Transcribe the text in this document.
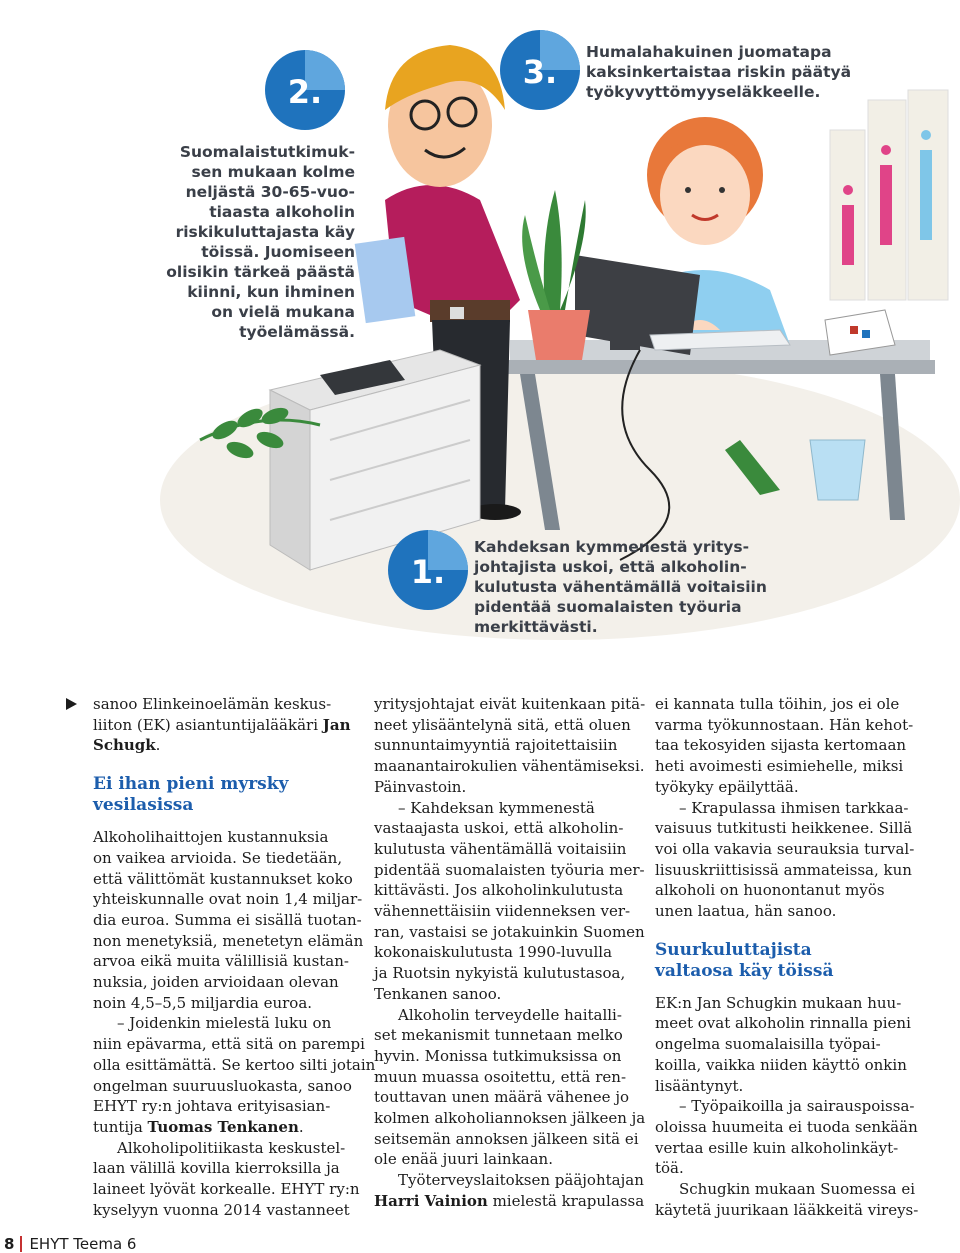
2.
3.
1.

Suomalaistutkimuk-
sen mukaan kolme
neljästä 30-65-vuo-
tiaasta alkoholin
riskikuluttajasta käy
töissä. Juomiseen
olisikin tärkeä päästä
kiinni, kun ihminen
on vielä mukana
työelämässä.

Humalahakuinen juomatapa
kaksinkertaistaa riskin päätyä
työkyvyttömyyseläkkeelle.

Kahdeksan kymmenestä yritys-
johtajista uskoi, että alkoholin-
kulutusta vähentämällä voitaisiin
pidentää suomalaisten työuria
merkittävästi.

sanoo Elinkeinoelämän keskus-
liiton (EK) asiantuntijalääkäri Jan
Schugk.

Ei ihan pieni myrsky
vesilasissa

Alkoholihaittojen kustannuksia
on vaikea arvioida. Se tiedetään,
että välittömät kustannukset koko
yhteiskunnalle ovat noin 1,4 miljar-
dia euroa. Summa ei sisällä tuotan-
non menetyksiä, menetetyn elämän
arvoa eikä muita välillisiä kustan-
nuksia, joiden arvioidaan olevan
noin 4,5–5,5 miljardia euroa.

– Joidenkin mielestä luku on
niin epävarma, että sitä on parempi
olla esittämättä. Se kertoo silti jotain
ongelman suuruusluokasta, sanoo
EHYT ry:n johtava erityisasian-
tuntija Tuomas Tenkanen.

Alkoholipolitiikasta keskustel-
laan välillä kovilla kierroksilla ja
laineet lyövät korkealle. EHYT ry:n
kyselyyn vuonna 2014 vastanneet

yritysjohtajat eivät kuitenkaan pitä-
neet ylisääntelynä sitä, että oluen
sunnuntaimyyntiä rajoitettaisiin
maanantairokulien vähentämiseksi.
Päinvastoin.

– Kahdeksan kymmenestä
vastaajasta uskoi, että alkoholin-
kulutusta vähentämällä voitaisiin
pidentää suomalaisten työuria mer-
kittävästi. Jos alkoholinkulutusta
vähennettäisiin viidenneksen ver-
ran, vastaisi se jotakuinkin Suomen
kokonaiskulutusta 1990-luvulla
ja Ruotsin nykyistä kulutustasoa,
Tenkanen sanoo.

Alkoholin terveydelle haitalli-
set mekanismit tunnetaan melko
hyvin. Monissa tutkimuksissa on
muun muassa osoitettu, että ren-
touttavan unen määrä vähenee jo
kolmen alkoholiannoksen jälkeen ja
seitsemän annoksen jälkeen sitä ei
ole enää juuri lainkaan.

Työterveyslaitoksen pääjohtajan
Harri Vainion mielestä krapulassa

ei kannata tulla töihin, jos ei ole
varma työkunnostaan. Hän kehot-
taa tekosyiden sijasta kertomaan
heti avoimesti esimiehelle, miksi
työkyky epäilyttää.

– Krapulassa ihmisen tarkkaa-
vaisuus tutkitusti heikkenee. Sillä
voi olla vakavia seurauksia turval-
lisuuskriittisissä ammateissa, kun
alkoholi on huonontanut myös
unen laatua, hän sanoo.

Suurkuluttajista
valtaosa käy töissä

EK:n Jan Schugkin mukaan huu-
meet ovat alkoholin rinnalla pieni
ongelma suomalaisilla työpai-
koilla, vaikka niiden käyttö onkin
lisääntynyt.

– Työpaikoilla ja sairauspoissa-
oloissa huumeita ei tuoda senkään
vertaa esille kuin alkoholinkäyt-
töä.

Schugkin mukaan Suomessa ei
käytetä juurikaan lääkkeitä vireys-

8 EHYT Teema 6
